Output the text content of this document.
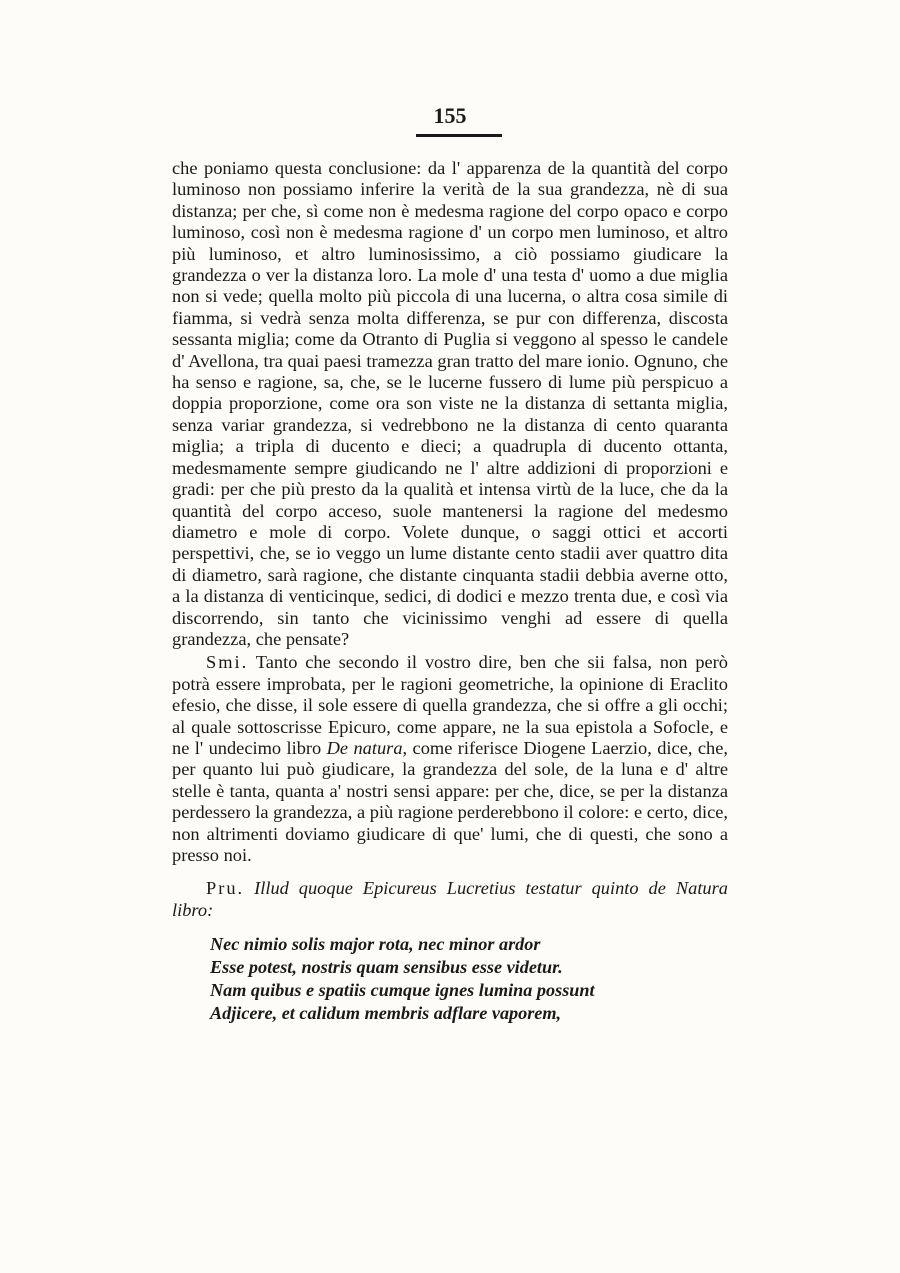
155

che poniamo questa conclusione: da l' apparenza de la quantità del corpo luminoso non possiamo inferire la verità de la sua grandezza, nè di sua distanza; per che, sì come non è medesma ragione del corpo opaco e corpo luminoso, così non è medesma ragione d' un corpo men luminoso, et altro più luminoso, et altro luminosissimo, a ciò possiamo giudicare la grandezza o ver la distanza loro. La mole d' una testa d' uomo a due miglia non si vede; quella molto più piccola di una lucerna, o altra cosa simile di fiamma, si vedrà senza molta differenza, se pur con differenza, discosta sessanta miglia; come da Otranto di Puglia si veggono al spesso le candele d' Avellona, tra quai paesi tramezza gran tratto del mare ionio. Ognuno, che ha senso e ragione, sa, che, se le lucerne fussero di lume più perspicuo a doppia proporzione, come ora son viste ne la distanza di settanta miglia, senza variar grandezza, si vedrebbono ne la distanza di cento quaranta miglia; a tripla di ducento e dieci; a quadrupla di ducento ottanta, medesmamente sempre giudicando ne l' altre addizioni di proporzioni e gradi: per che più presto da la qualità et intensa virtù de la luce, che da la quantità del corpo acceso, suole mantenersi la ragione del medesmo diametro e mole di corpo. Volete dunque, o saggi ottici et accorti perspettivi, che, se io veggo un lume distante cento stadii aver quattro dita di diametro, sarà ragione, che distante cinquanta stadii debbia averne otto, a la distanza di venticinque, sedici, di dodici e mezzo trenta due, e così via discorrendo, sin tanto che vicinissimo venghi ad essere di quella grandezza, che pensate?

Smi. Tanto che secondo il vostro dire, ben che sii falsa, non però potrà essere improbata, per le ragioni geometriche, la opinione di Eraclito efesio, che disse, il sole essere di quella grandezza, che si offre a gli occhi; al quale sottoscrisse Epicuro, come appare, ne la sua epistola a Sofocle, e ne l' undecimo libro De natura, come riferisce Diogene Laerzio, dice, che, per quanto lui può giudicare, la grandezza del sole, de la luna e d' altre stelle è tanta, quanta a' nostri sensi appare: per che, dice, se per la distanza perdessero la grandezza, a più ragione perderebbono il colore: e certo, dice, non altrimenti doviamo giudicare di que' lumi, che di questi, che sono a presso noi.

Pru. Illud quoque Epicureus Lucretius testatur quinto de Natura libro:

Nec nimio solis major rota, nec minor ardor
Esse potest, nostris quam sensibus esse videtur.
Nam quibus e spatiis cumque ignes lumina possunt
Adjicere, et calidum membris adflare vaporem,
